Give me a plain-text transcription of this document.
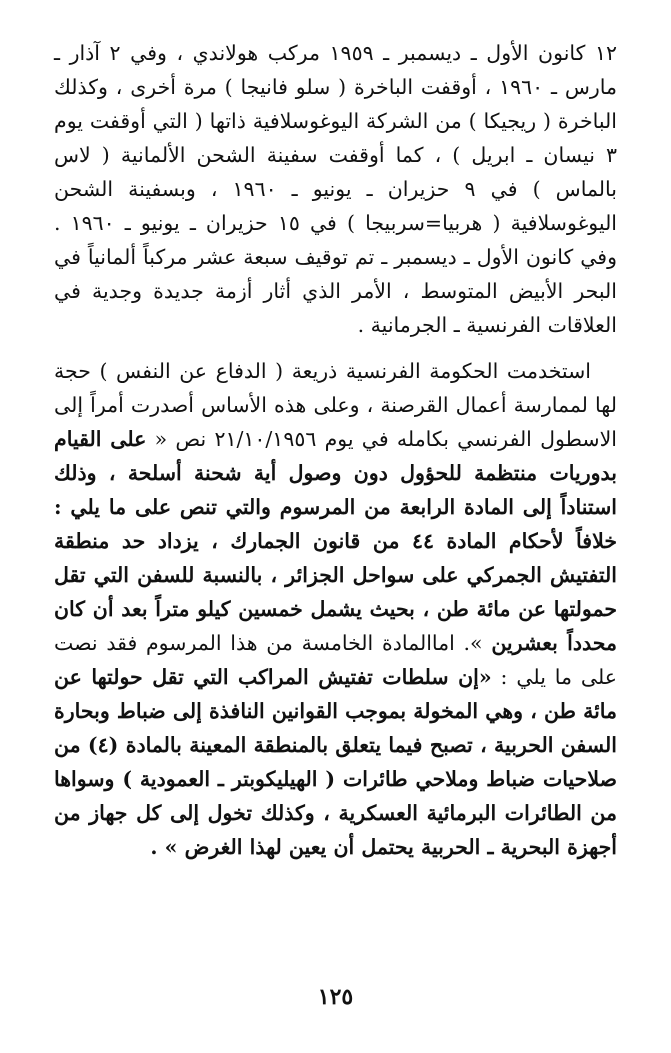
١٢ كانون الأول ـ ديسمبر ـ ١٩٥٩ مركب هولاندي ، وفي ٢ آذار ـ مارس ـ ١٩٦٠ ، أوقفت الباخرة ( سلو فانيجا ) مرة أخرى ، وكذلك الباخرة ( ريجيكا ) من الشركة اليوغوسلافية ذاتها ( التي أوقفت يوم ٣ نيسان ـ ابريل ) ، كما أوقفت سفينة الشحن الألمانية ( لاس بالماس ) في ٩ حزيران ـ يونيو ـ ١٩٦٠ ، وبسفينة الشحن اليوغوسلافية ( هربيا=سربيجا ) في ١٥ حزيران ـ يونيو ـ ١٩٦٠ . وفي كانون الأول ـ ديسمبر ـ تم توقيف سبعة عشر مركباً ألمانياً في البحر الأبيض المتوسط ، الأمر الذي أثار أزمة جديدة وجدية في العلاقات الفرنسية ـ الجرمانية .

استخدمت الحكومة الفرنسية ذريعة ( الدفاع عن النفس ) حجة لها لممارسة أعمال القرصنة ، وعلى هذه الأساس أصدرت أمراً إلى الاسطول الفرنسي بكامله في يوم ٢١/١٠/١٩٥٦ نص « على القيام بدوريات منتظمة للحؤول دون وصول أية شحنة أسلحة ، وذلك استناداً إلى المادة الرابعة من المرسوم والتي تنص على ما يلي : خلافاً لأحكام المادة ٤٤ من قانون الجمارك ، يزداد حد منطقة التفتيش الجمركي على سواحل الجزائر ، بالنسبة للسفن التي تقل حمولتها عن مائة طن ، بحيث يشمل خمسين كيلو متراً بعد أن كان محدداً بعشرين ». اماالمادة الخامسة من هذا المرسوم فقد نصت على ما يلي : «إن سلطات تفتيش المراكب التي تقل حولتها عن مائة طن ، وهي المخولة بموجب القوانين النافذة إلى ضباط وبحارة السفن الحربية ، تصبح فيما يتعلق بالمنطقة المعينة بالمادة (٤) من صلاحيات ضباط وملاحي طائرات ( الهيليكوبتر ـ العمودية ) وسواها من الطائرات البرمائية العسكرية ، وكذلك تخول إلى كل جهاز من أجهزة البحرية ـ الحربية يحتمل أن يعين لهذا الغرض » .

١٢٥
